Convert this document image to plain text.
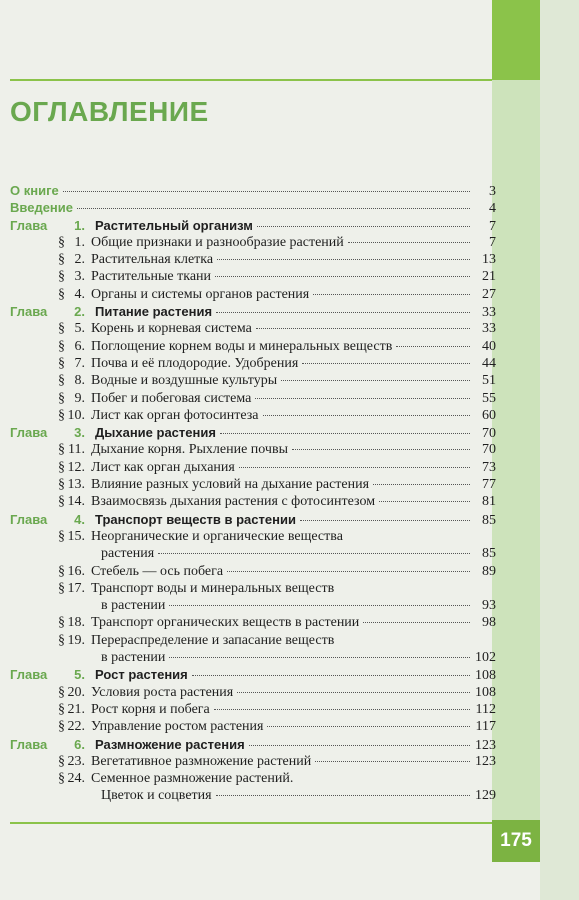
ОГЛАВЛЕНИЕ
О книге	3
Введение	4
Глава	1. Растительный организм	7
§ 1. Общие признаки и разнообразие растений	7
§ 2. Растительная клетка	13
§ 3. Растительные ткани	21
§ 4. Органы и системы органов растения	27
Глава	2. Питание растения	33
§ 5. Корень и корневая система	33
§ 6. Поглощение корнем воды и минеральных веществ	40
§ 7. Почва и её плодородие. Удобрения	44
§ 8. Водные и воздушные культуры	51
§ 9. Побег и побеговая система	55
§ 10. Лист как орган фотосинтеза	60
Глава	3. Дыхание растения	70
§ 11. Дыхание корня. Рыхление почвы	70
§ 12. Лист как орган дыхания	73
§ 13. Влияние разных условий на дыхание растения	77
§ 14. Взаимосвязь дыхания растения с фотосинтезом	81
Глава	4. Транспорт веществ в растении	85
§ 15. Неорганические и органические вещества
растения	85
§ 16. Стебель — ось побега	89
§ 17. Транспорт воды и минеральных веществ
в растении	93
§ 18. Транспорт органических веществ в растении	98
§ 19. Перераспределение и запасание веществ
в растении	102
Глава	5. Рост растения	108
§ 20. Условия роста растения	108
§ 21. Рост корня и побега	112
§ 22. Управление ростом растения	117
Глава	6. Размножение растения	123
§ 23. Вегетативное размножение растений	123
§ 24. Семенное размножение растений.
Цветок и соцветия	129
175
